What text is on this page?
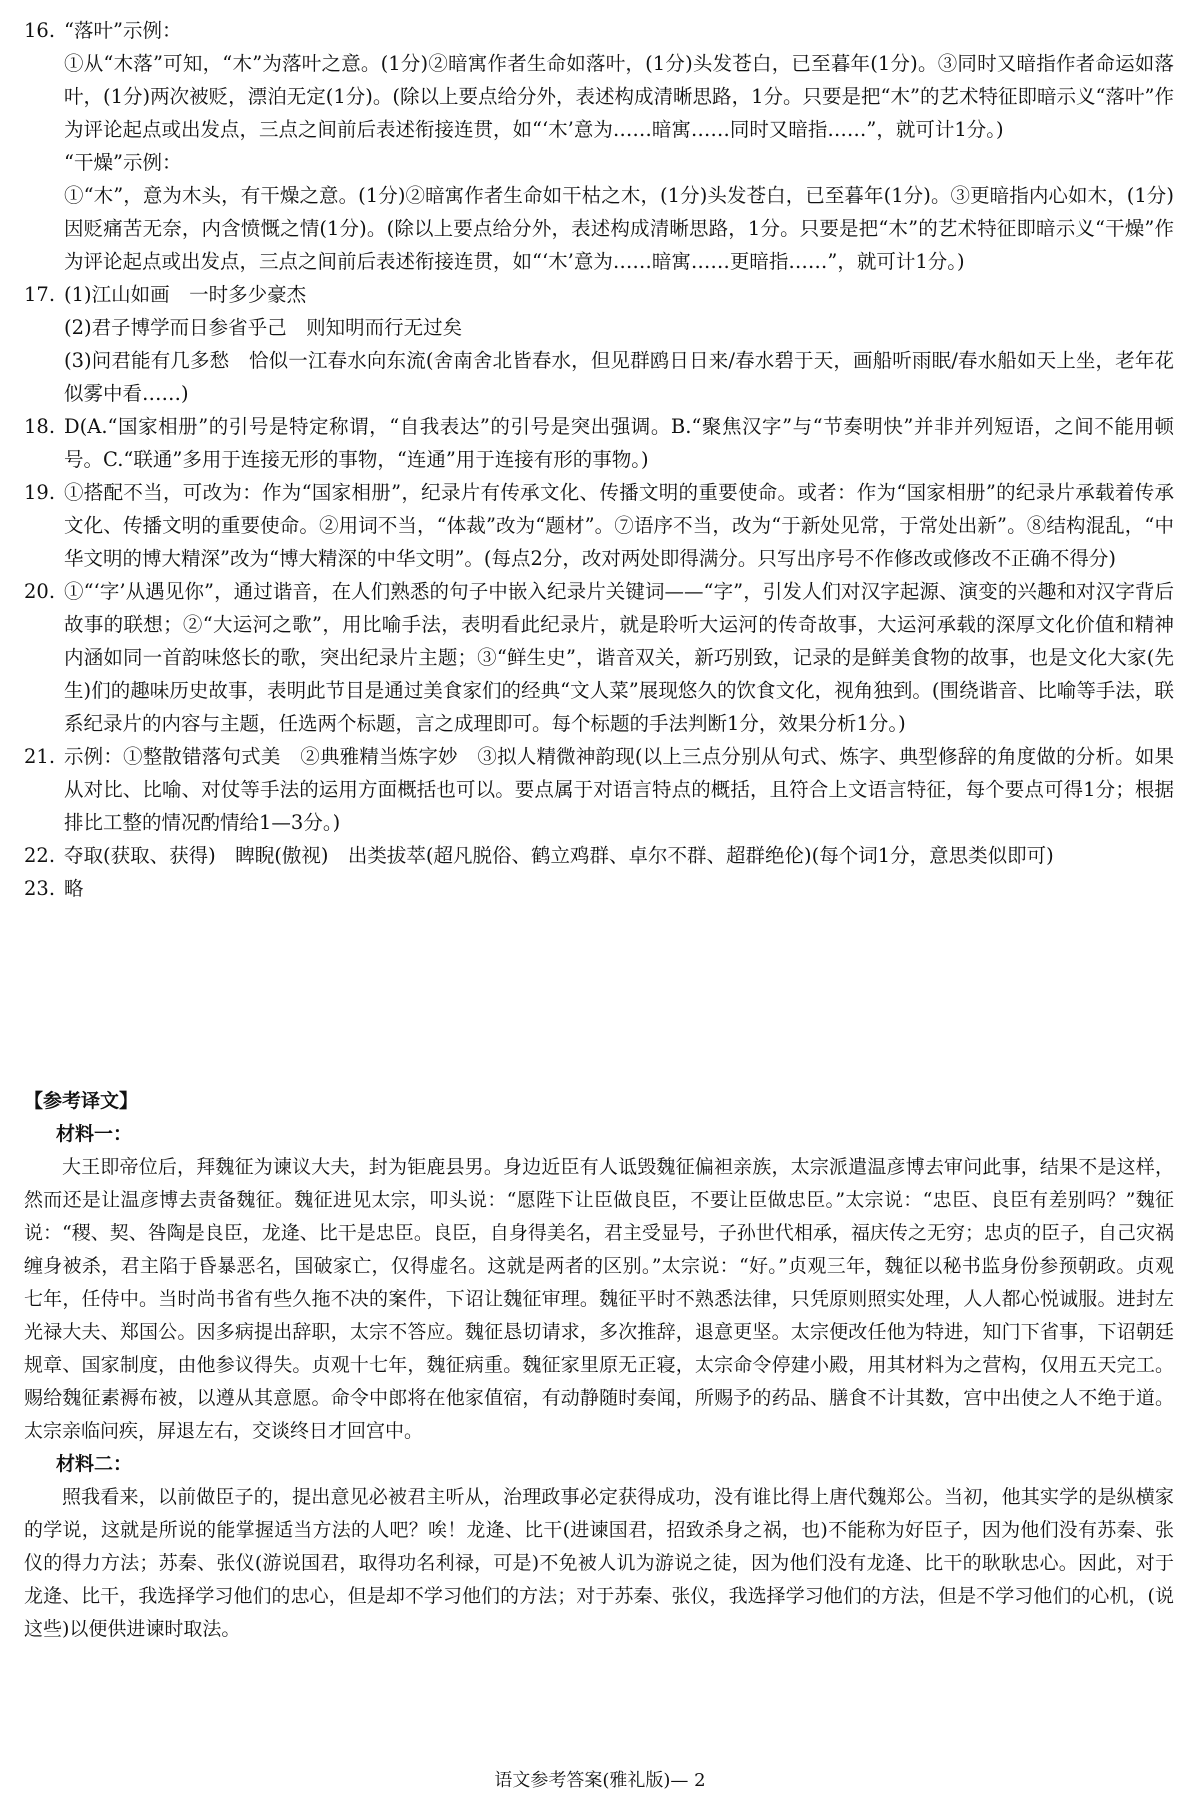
16. “落叶”示例：

①从“木落”可知，“木”为落叶之意。(1分)②暗寓作者生命如落叶，(1分)头发苍白，已至暮年(1分)。③同时又暗指作者命运如落叶，(1分)两次被贬，漂泊无定(1分)。(除以上要点给分外，表述构成清晰思路，1分。只要是把“木”的艺术特征即暗示义“落叶”作为评论起点或出发点，三点之间前后表述衔接连贯，如“‘木’意为……暗寓……同时又暗指……”，就可计1分。)

“干燥”示例：

①“木”，意为木头，有干燥之意。(1分)②暗寓作者生命如干枯之木，(1分)头发苍白，已至暮年(1分)。③更暗指内心如木，(1分)因贬痛苦无奈，内含愤慨之情(1分)。(除以上要点给分外，表述构成清晰思路，1分。只要是把“木”的艺术特征即暗示义“干燥”作为评论起点或出发点，三点之间前后表述衔接连贯，如“‘木’意为……暗寓……更暗指……”，就可计1分。)

17. (1)江山如画　一时多少豪杰

(2)君子博学而日参省乎己　则知明而行无过矣

(3)问君能有几多愁　恰似一江春水向东流(舍南舍北皆春水，但见群鸥日日来/春水碧于天，画船听雨眠/春水船如天上坐，老年花似雾中看……)

18. D(A.“国家相册”的引号是特定称谓，“自我表达”的引号是突出强调。B.“聚焦汉字”与“节奏明快”并非并列短语，之间不能用顿号。C.“联通”多用于连接无形的事物，“连通”用于连接有形的事物。)

19. ①搭配不当，可改为：作为“国家相册”，纪录片有传承文化、传播文明的重要使命。或者：作为“国家相册”的纪录片承载着传承文化、传播文明的重要使命。②用词不当，“体裁”改为“题材”。⑦语序不当，改为“于新处见常，于常处出新”。⑧结构混乱，“中华文明的博大精深”改为“博大精深的中华文明”。(每点2分，改对两处即得满分。只写出序号不作修改或修改不正确不得分)

20. ①“‘字’从遇见你”，通过谐音，在人们熟悉的句子中嵌入纪录片关键词——“字”，引发人们对汉字起源、演变的兴趣和对汉字背后故事的联想；②“大运河之歌”，用比喻手法，表明看此纪录片，就是聆听大运河的传奇故事，大运河承载的深厚文化价值和精神内涵如同一首韵味悠长的歌，突出纪录片主题；③“鲜生史”，谐音双关，新巧别致，记录的是鲜美食物的故事，也是文化大家(先生)们的趣味历史故事，表明此节目是通过美食家们的经典“文人菜”展现悠久的饮食文化，视角独到。(围绕谐音、比喻等手法，联系纪录片的内容与主题，任选两个标题，言之成理即可。每个标题的手法判断1分，效果分析1分。)

21. 示例：①整散错落句式美　②典雅精当炼字妙　③拟人精微神韵现(以上三点分别从句式、炼字、典型修辞的角度做的分析。如果从对比、比喻、对仗等手法的运用方面概括也可以。要点属于对语言特点的概括，且符合上文语言特征，每个要点可得1分；根据排比工整的情况酌情给1—3分。)

22. 夺取(获取、获得)　睥睨(傲视)　出类拔萃(超凡脱俗、鹤立鸡群、卓尔不群、超群绝伦)(每个词1分，意思类似即可)

23. 略

【参考译文】

材料一：

大王即帝位后，拜魏征为谏议大夫，封为钜鹿县男。身边近臣有人诋毁魏征偏袒亲族，太宗派遣温彦博去审问此事，结果不是这样，然而还是让温彦博去责备魏征。魏征进见太宗，叩头说：“愿陛下让臣做良臣，不要让臣做忠臣。”太宗说：“忠臣、良臣有差别吗？”魏征说：“稷、契、咎陶是良臣，龙逄、比干是忠臣。良臣，自身得美名，君主受显号，子孙世代相承，福庆传之无穷；忠贞的臣子，自己灾祸缠身被杀，君主陷于昏暴恶名，国破家亡，仅得虚名。这就是两者的区别。”太宗说：“好。”贞观三年，魏征以秘书监身份参预朝政。贞观七年，任侍中。当时尚书省有些久拖不决的案件，下诏让魏征审理。魏征平时不熟悉法律，只凭原则照实处理，人人都心悦诚服。进封左光禄大夫、郑国公。因多病提出辞职，太宗不答应。魏征恳切请求，多次推辞，退意更坚。太宗便改任他为特进，知门下省事，下诏朝廷规章、国家制度，由他参议得失。贞观十七年，魏征病重。魏征家里原无正寝，太宗命令停建小殿，用其材料为之营构，仅用五天完工。赐给魏征素褥布被，以遵从其意愿。命令中郎将在他家值宿，有动静随时奏闻，所赐予的药品、膳食不计其数，宫中出使之人不绝于道。太宗亲临问疾，屏退左右，交谈终日才回宫中。

材料二：

照我看来，以前做臣子的，提出意见必被君主听从，治理政事必定获得成功，没有谁比得上唐代魏郑公。当初，他其实学的是纵横家的学说，这就是所说的能掌握适当方法的人吧？唉！龙逄、比干(进谏国君，招致杀身之祸，也)不能称为好臣子，因为他们没有苏秦、张仪的得力方法；苏秦、张仪(游说国君，取得功名利禄，可是)不免被人讥为游说之徒，因为他们没有龙逄、比干的耿耿忠心。因此，对于龙逄、比干，我选择学习他们的忠心，但是却不学习他们的方法；对于苏秦、张仪，我选择学习他们的方法，但是不学习他们的心机，(说这些)以便供进谏时取法。

语文参考答案(雅礼版)— 2
